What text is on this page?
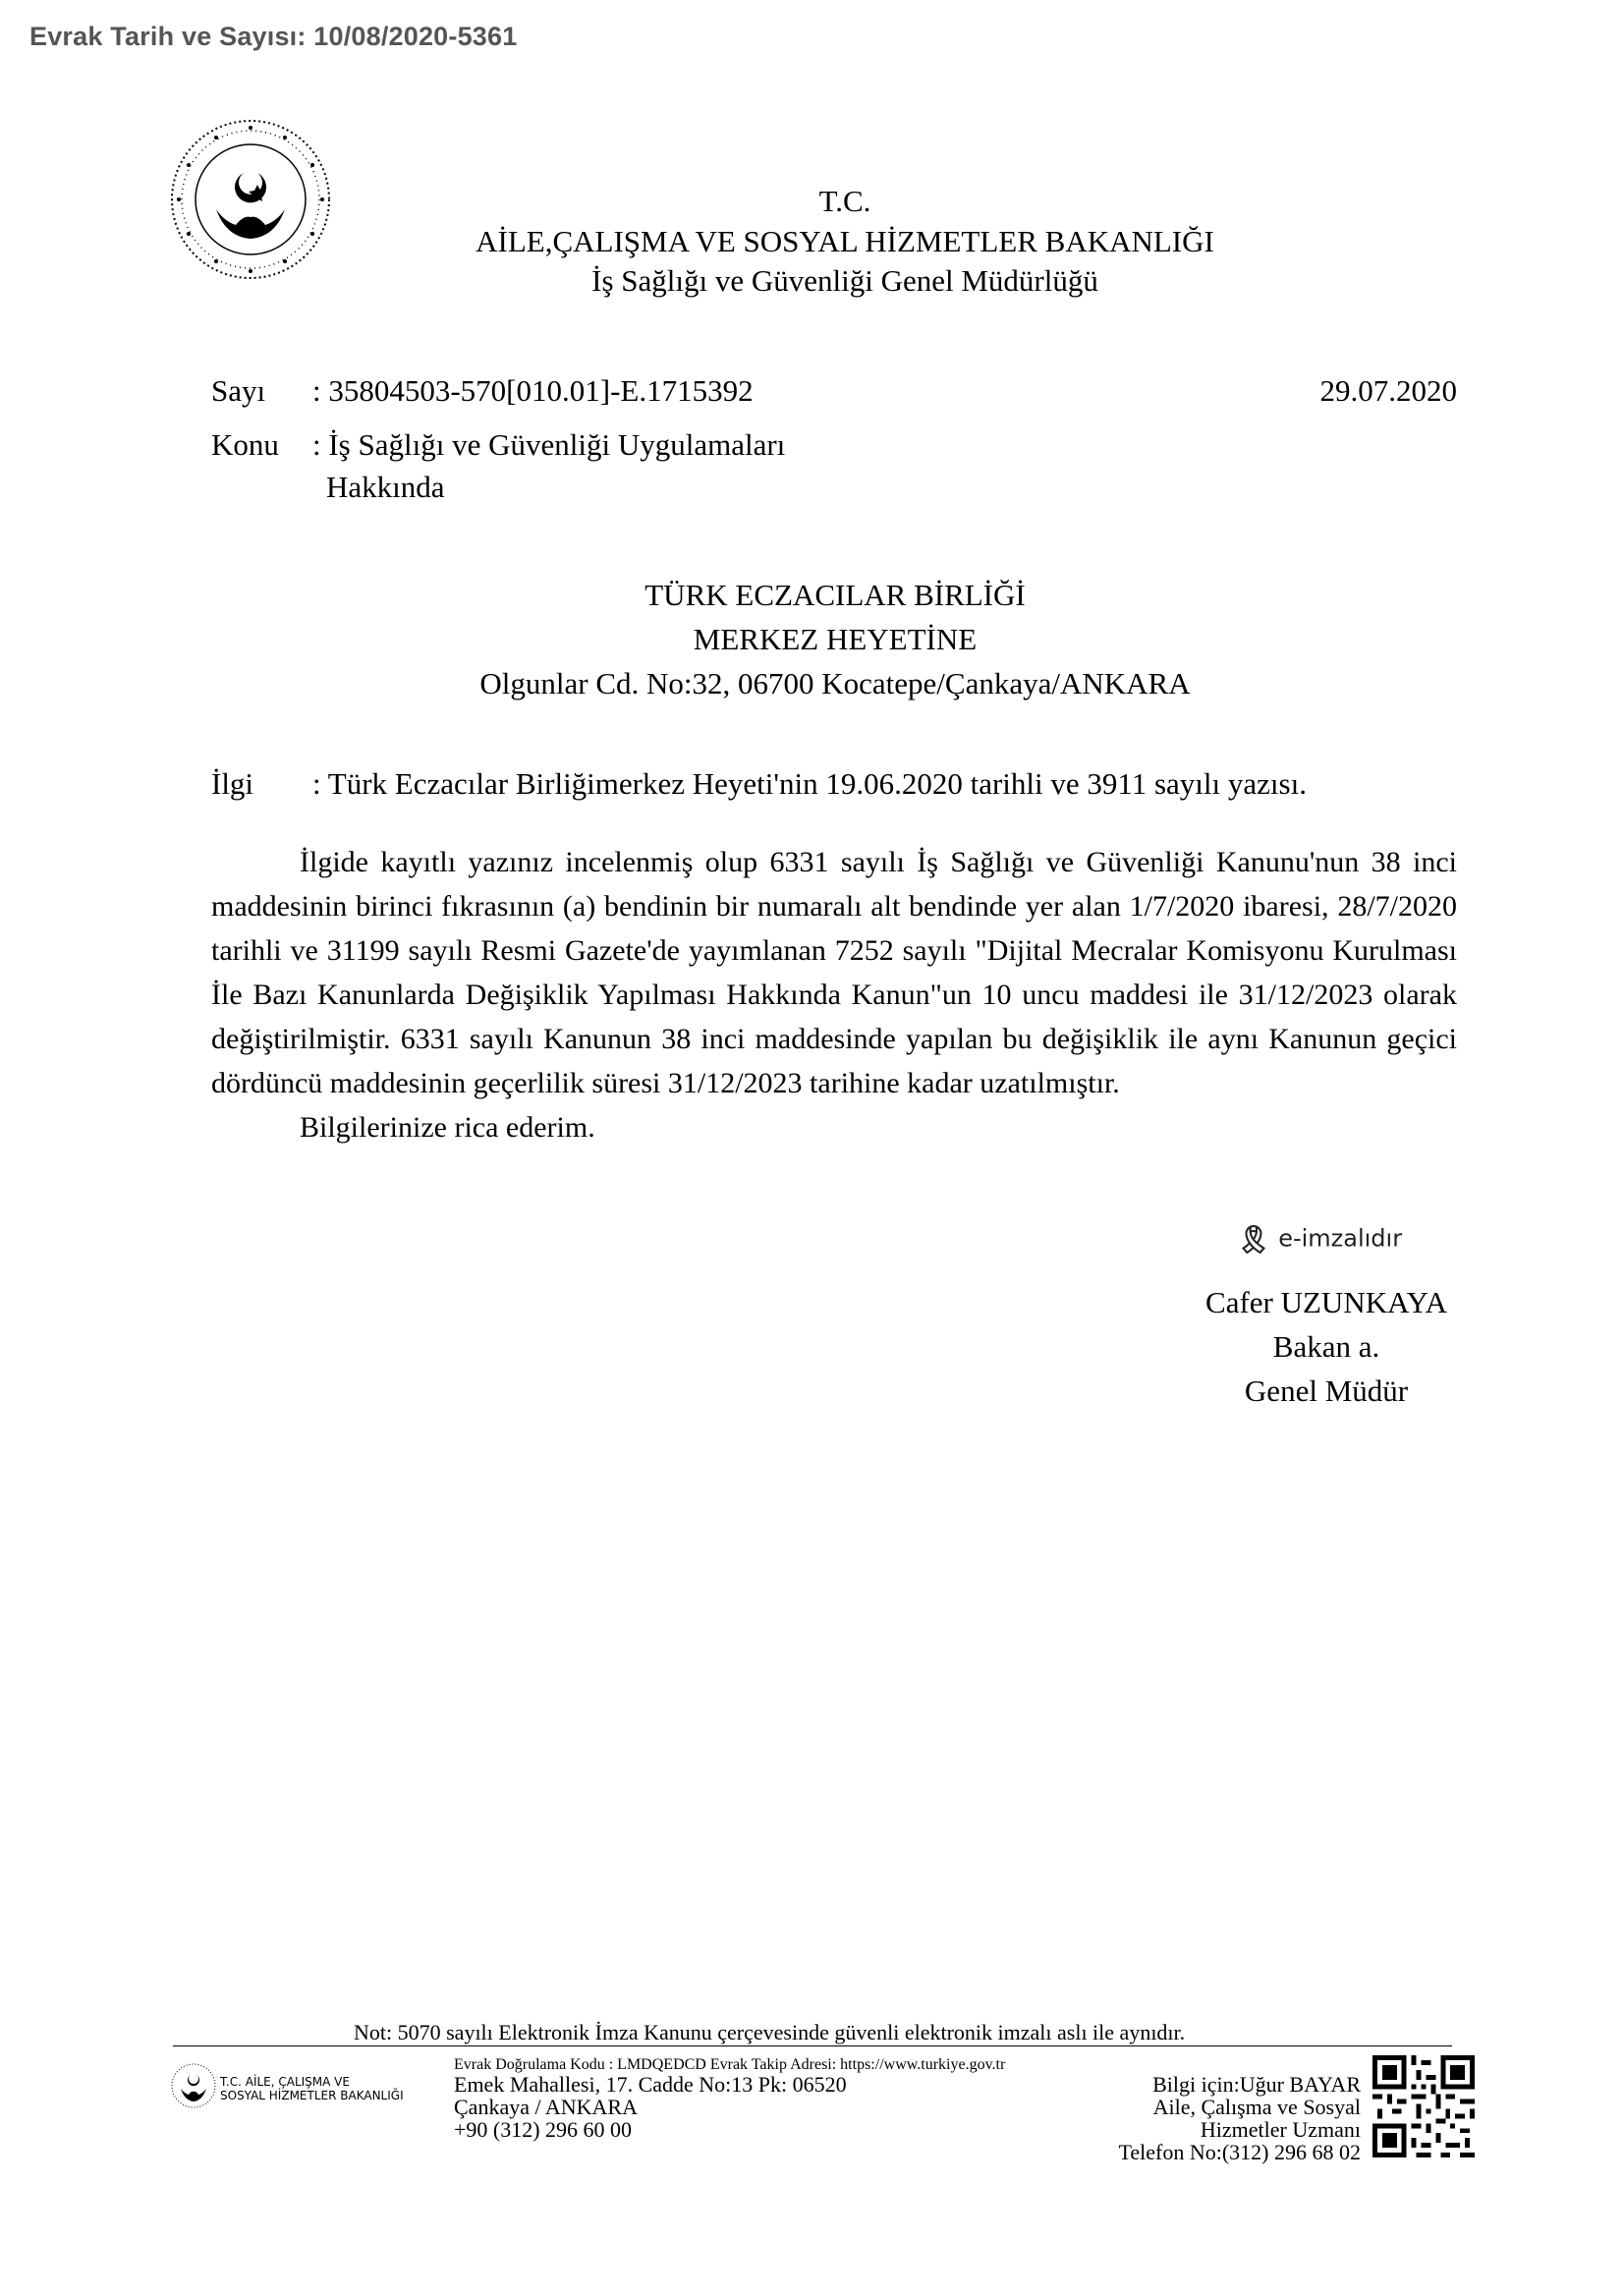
Evrak Tarih ve Sayısı: 10/08/2020-5361
T.C.
AİLE,ÇALIŞMA VE SOSYAL HİZMETLER BAKANLIĞI
İş Sağlığı ve Güvenliği Genel Müdürlüğü
Sayı : 35804503-570[010.01]-E.1715392	29.07.2020
Konu : İş Sağlığı ve Güvenliği Uygulamaları
Hakkında
TÜRK ECZACILAR BİRLİĞİ
MERKEZ HEYETİNE
Olgunlar Cd. No:32, 06700 Kocatepe/Çankaya/ANKARA
İlgi : Türk Eczacılar Birliğimerkez Heyeti'nin 19.06.2020 tarihli ve 3911 sayılı yazısı.

İlgide kayıtlı yazınız incelenmiş olup 6331 sayılı İş Sağlığı ve Güvenliği Kanunu'nun 38 inci maddesinin birinci fıkrasının (a) bendinin bir numaralı alt bendinde yer alan 1/7/2020 ibaresi, 28/7/2020 tarihli ve 31199 sayılı Resmi Gazete'de yayımlanan 7252 sayılı "Dijital Mecralar Komisyonu Kurulması İle Bazı Kanunlarda Değişiklik Yapılması Hakkında Kanun"un 10 uncu maddesi ile 31/12/2023 olarak değiştirilmiştir. 6331 sayılı Kanunun 38 inci maddesinde yapılan bu değişiklik ile aynı Kanunun geçici dördüncü maddesinin geçerlilik süresi 31/12/2023 tarihine kadar uzatılmıştır.

Bilgilerinize rica ederim.

🎗 e-imzalıdır
Cafer UZUNKAYA
Bakan a.
Genel Müdür
Not: 5070 sayılı Elektronik İmza Kanunu çerçevesinde güvenli elektronik imzalı aslı ile aynıdır.
T.C. AİLE, ÇALIŞMA VE
SOSYAL HİZMETLER BAKANLIĞI
Evrak Doğrulama Kodu : LMDQEDCD Evrak Takip Adresi: https://www.turkiye.gov.tr
Emek Mahallesi, 17. Cadde No:13 Pk: 06520
Çankaya / ANKARA
+90 (312) 296 60 00
Bilgi için:Uğur BAYAR
Aile, Çalışma ve Sosyal
Hizmetler Uzmanı
Telefon No:(312) 296 68 02
